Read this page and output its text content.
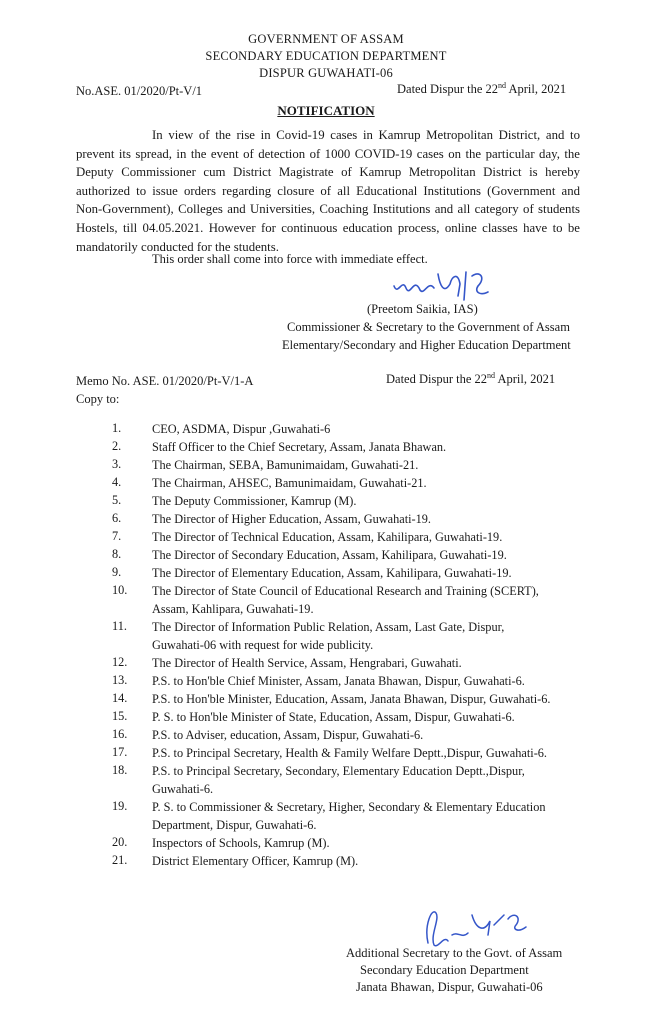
GOVERNMENT OF ASSAM
SECONDARY EDUCATION DEPARTMENT
DISPUR GUWAHATI-06
No.ASE. 01/2020/Pt-V/1	Dated Dispur the 22nd April, 2021
NOTIFICATION
In view of the rise in Covid-19 cases in Kamrup Metropolitan District, and to
prevent its spread, in the event of detection of 1000 COVID-19 cases on the particular day, the
Deputy Commissioner cum District Magistrate of Kamrup Metropolitan District is hereby
authorized to issue orders regarding closure of all Educational Institutions (Government and
Non-Government), Colleges and Universities, Coaching Institutions and all category of students
Hostels, till 04.05.2021. However for continuous education process, online classes have to be
mandatorily conducted for the students.
This order shall come into force with immediate effect.
(Preetom Saikia, IAS)
Commissioner & Secretary to the Government of Assam
Elementary/Secondary and Higher Education Department
Memo No. ASE. 01/2020/Pt-V/1-A	Dated Dispur the 22nd April, 2021
Copy to:
1.	CEO, ASDMA, Dispur ,Guwahati-6
2.	Staff Officer to the Chief Secretary, Assam, Janata Bhawan.
3.	The Chairman, SEBA, Bamunimaidam, Guwahati-21.
4.	The Chairman, AHSEC, Bamunimaidam, Guwahati-21.
5.	The Deputy Commissioner, Kamrup (M).
6.	The Director of Higher Education, Assam, Guwahati-19.
7.	The Director of Technical Education, Assam, Kahilipara, Guwahati-19.
8.	The Director of Secondary Education, Assam, Kahilipara, Guwahati-19.
9.	The Director of Elementary Education, Assam, Kahilipara, Guwahati-19.
10.	The Director of State Council of Educational Research and Training (SCERT),
Assam, Kahlipara, Guwahati-19.
11.	The Director of Information Public Relation, Assam, Last Gate, Dispur,
Guwahati-06 with request for wide publicity.
12.	The Director of Health Service, Assam, Hengrabari, Guwahati.
13.	P.S. to Hon'ble Chief Minister, Assam, Janata Bhawan, Dispur, Guwahati-6.
14.	P.S. to Hon'ble Minister, Education, Assam, Janata Bhawan, Dispur, Guwahati-6.
15.	P. S. to Hon'ble Minister of State, Education, Assam, Dispur, Guwahati-6.
16.	P.S. to Adviser, education, Assam, Dispur, Guwahati-6.
17.	P.S. to Principal Secretary, Health & Family Welfare Deptt.,Dispur, Guwahati-6.
18.	P.S. to Principal Secretary, Secondary, Elementary Education Deptt.,Dispur,
Guwahati-6.
19.	P. S. to Commissioner & Secretary, Higher, Secondary & Elementary Education
Department, Dispur, Guwahati-6.
20.	Inspectors of Schools, Kamrup (M).
21.	District Elementary Officer, Kamrup (M).
Additional Secretary to the Govt. of Assam
Secondary Education Department
Janata Bhawan, Dispur, Guwahati-06
